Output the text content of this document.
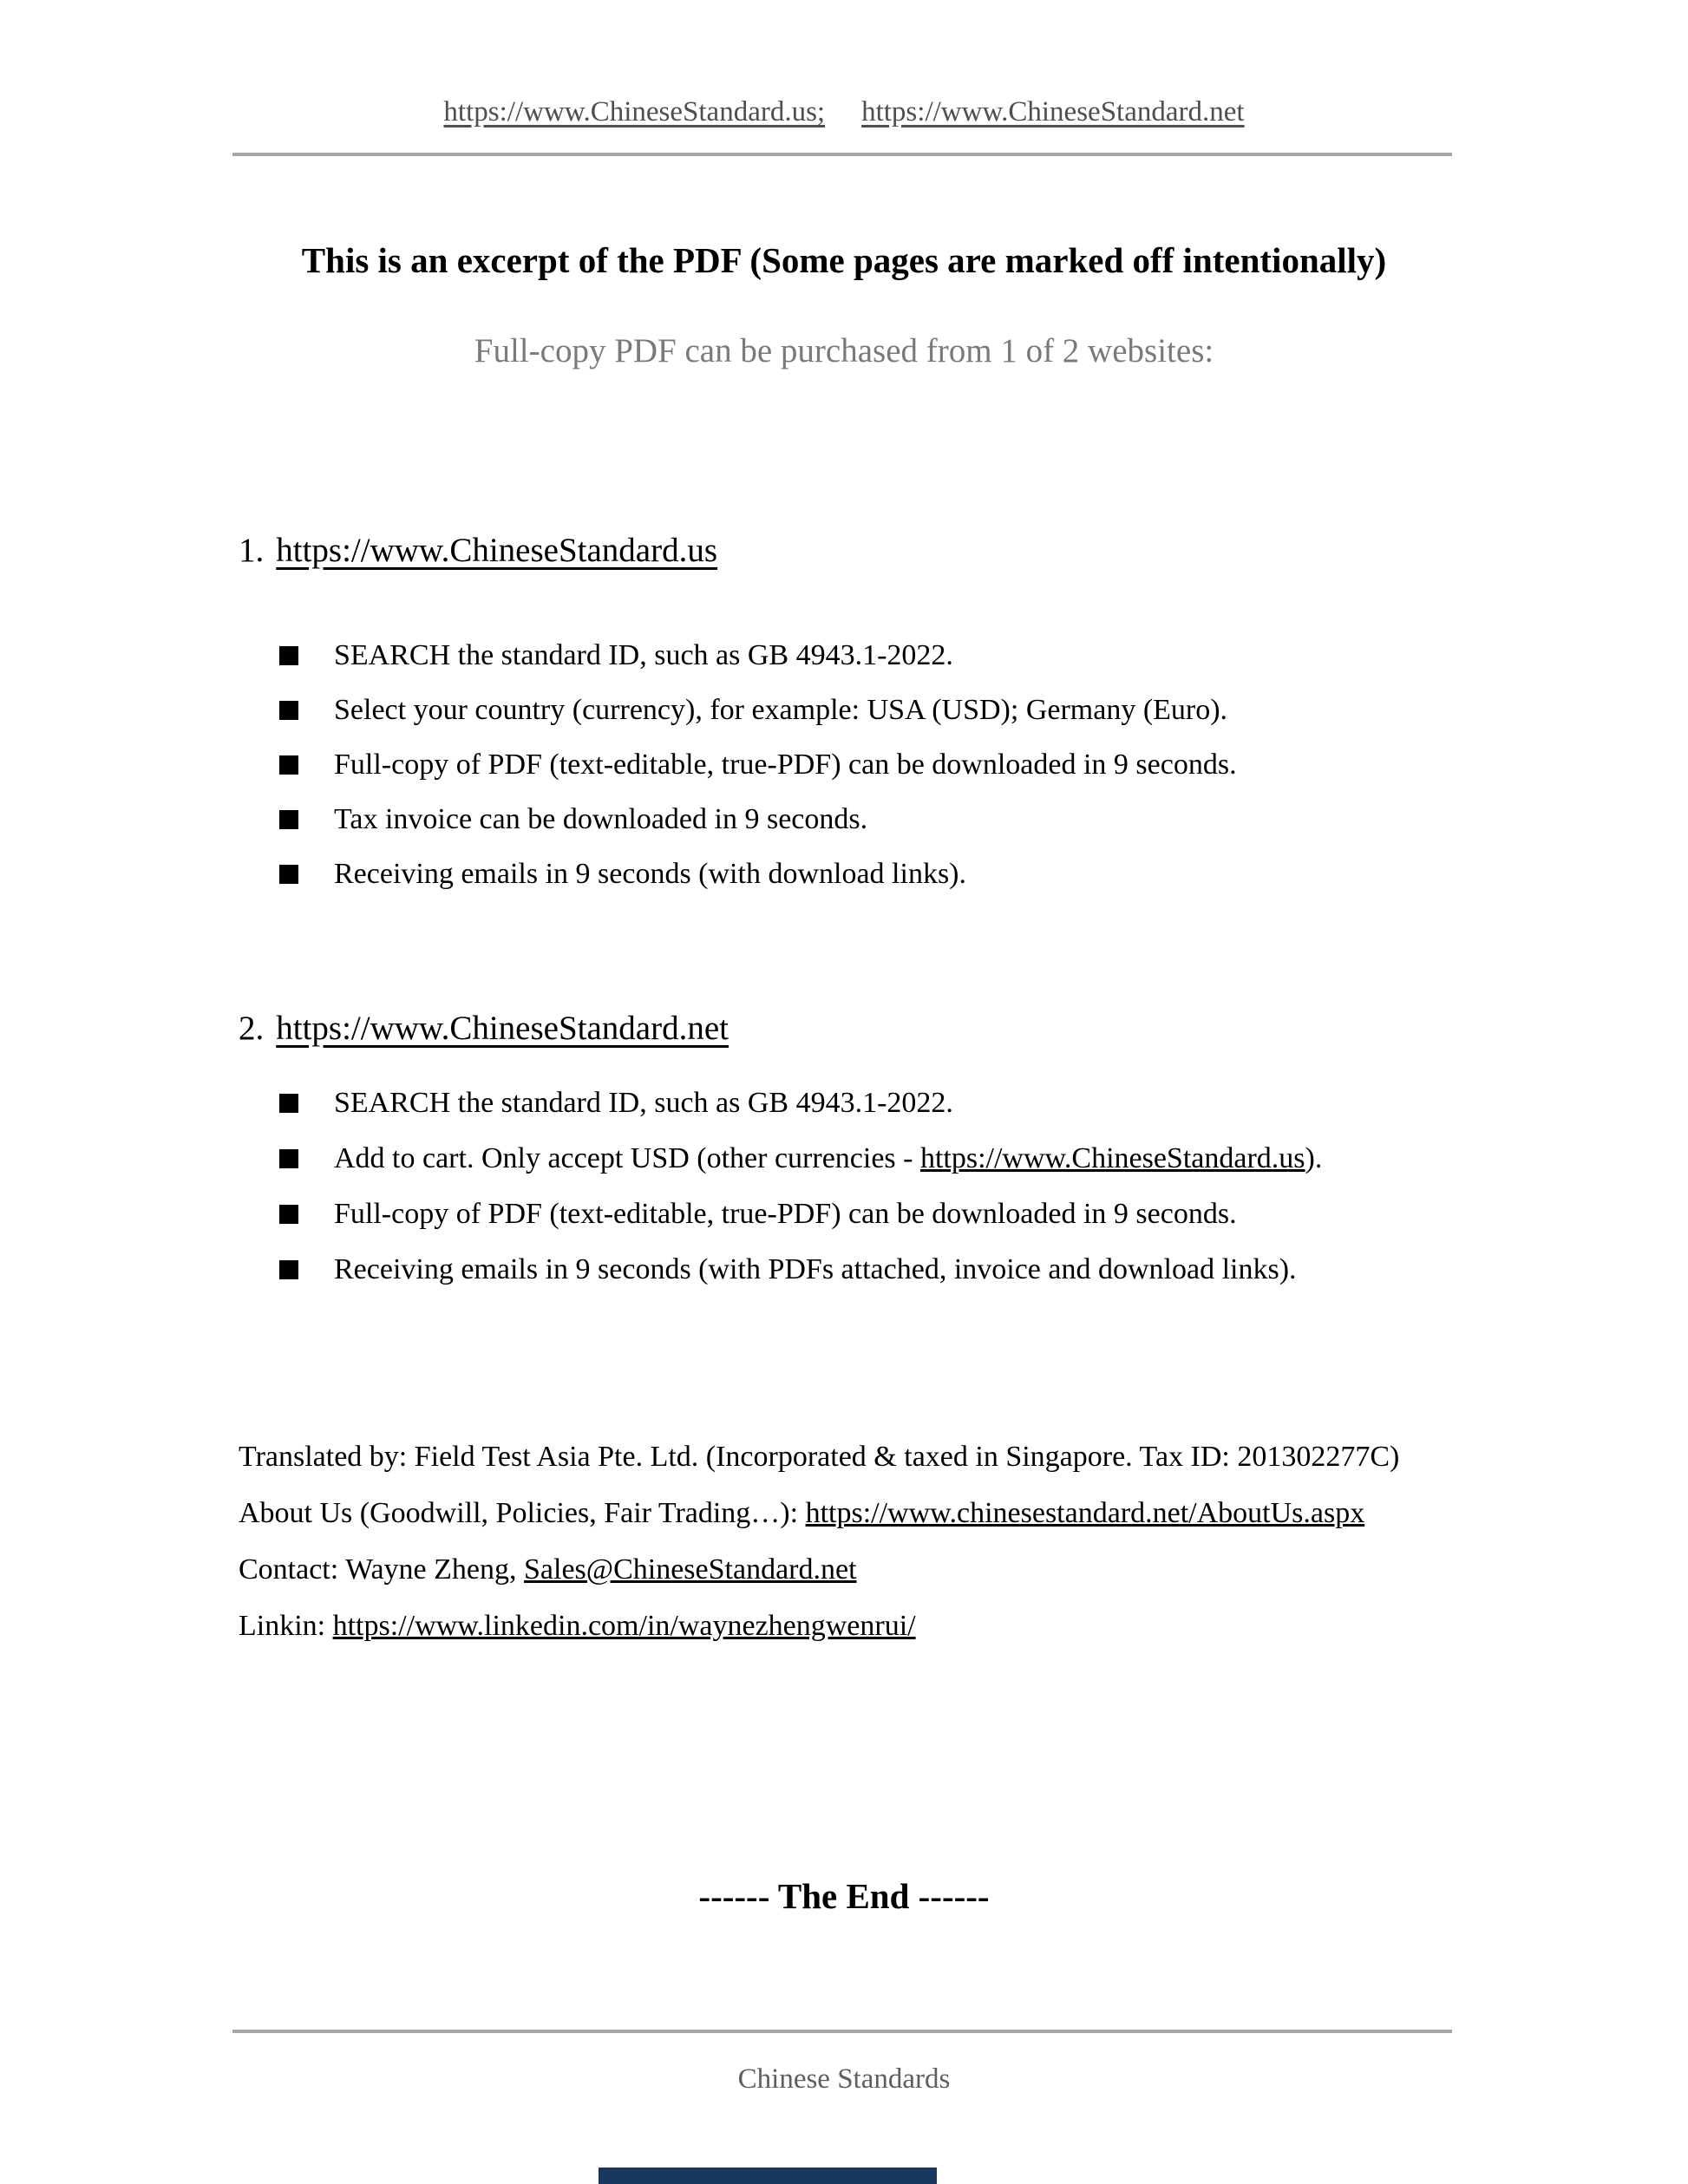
https://www.ChineseStandard.us; https://www.ChineseStandard.net
This is an excerpt of the PDF (Some pages are marked off intentionally)
Full-copy PDF can be purchased from 1 of 2 websites:
1. https://www.ChineseStandard.us
SEARCH the standard ID, such as GB 4943.1-2022.
Select your country (currency), for example: USA (USD); Germany (Euro).
Full-copy of PDF (text-editable, true-PDF) can be downloaded in 9 seconds.
Tax invoice can be downloaded in 9 seconds.
Receiving emails in 9 seconds (with download links).
2. https://www.ChineseStandard.net
SEARCH the standard ID, such as GB 4943.1-2022.
Add to cart. Only accept USD (other currencies - https://www.ChineseStandard.us).
Full-copy of PDF (text-editable, true-PDF) can be downloaded in 9 seconds.
Receiving emails in 9 seconds (with PDFs attached, invoice and download links).
Translated by: Field Test Asia Pte. Ltd. (Incorporated & taxed in Singapore. Tax ID: 201302277C)
About Us (Goodwill, Policies, Fair Trading…): https://www.chinesestandard.net/AboutUs.aspx
Contact: Wayne Zheng, Sales@ChineseStandard.net
Linkin: https://www.linkedin.com/in/waynezhengwenrui/
------ The End ------
Chinese Standards
